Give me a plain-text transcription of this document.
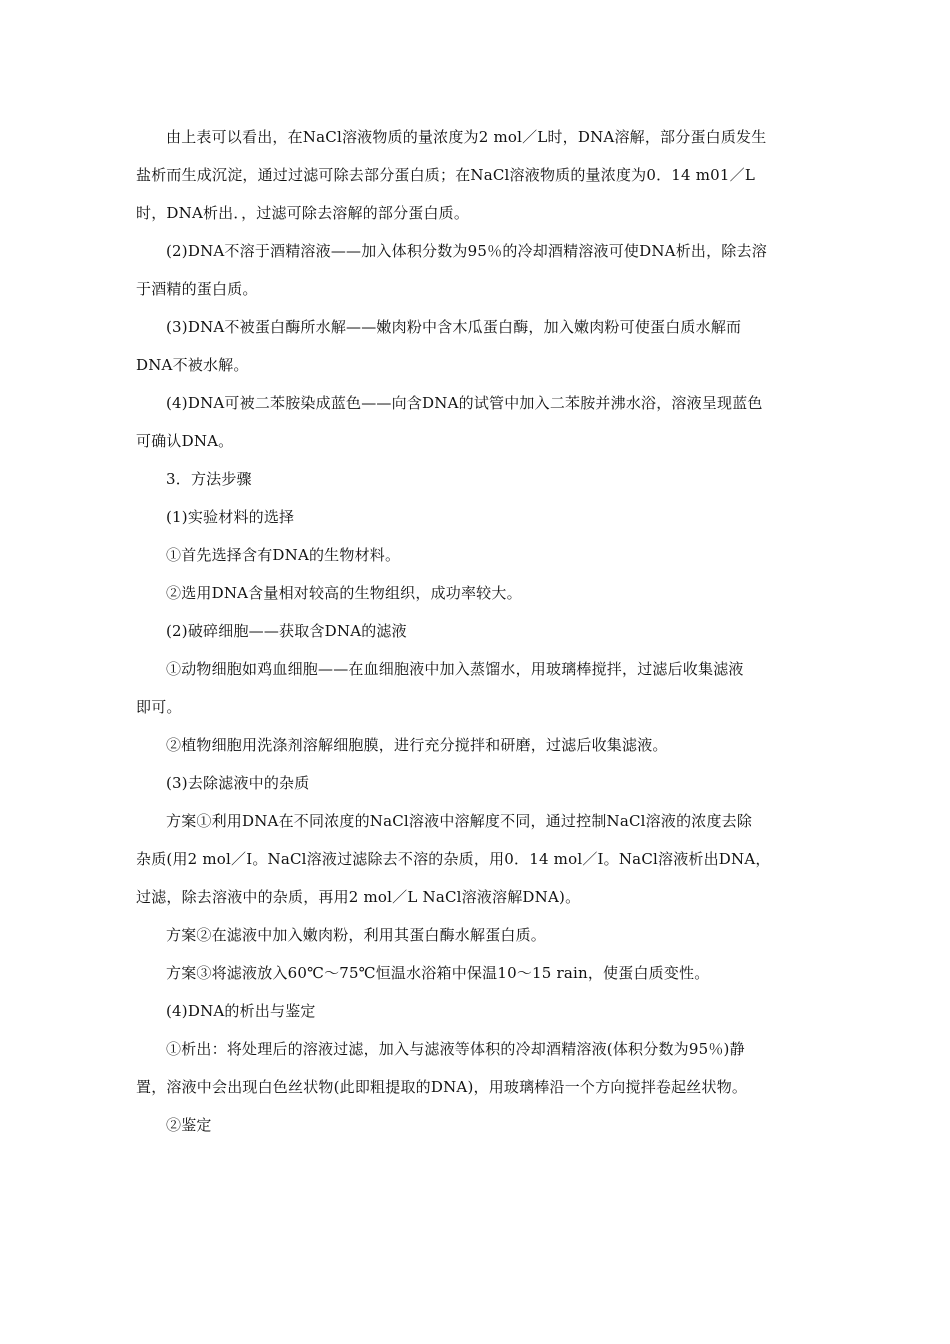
由上表可以看出，在NaCl溶液物质的量浓度为2 mol／L时，DNA溶解，部分蛋白质发生
盐析而生成沉淀，通过过滤可除去部分蛋白质；在NaCl溶液物质的量浓度为0．14 m01／L
时，DNA析出．，过滤可除去溶解的部分蛋白质。

(2)DNA不溶于酒精溶液——加入体积分数为95％的冷却酒精溶液可使DNA析出，除去溶
于酒精的蛋白质。

(3)DNA不被蛋白酶所水解——嫩肉粉中含木瓜蛋白酶，加入嫩肉粉可使蛋白质水解而
DNA不被水解。

(4)DNA可被二苯胺染成蓝色——向含DNA的试管中加入二苯胺并沸水浴，溶液呈现蓝色
可确认DNA。

3．方法步骤

(1)实验材料的选择

①首先选择含有DNA的生物材料。

②选用DNA含量相对较高的生物组织，成功率较大。

(2)破碎细胞——获取含DNA的滤液

①动物细胞如鸡血细胞——在血细胞液中加入蒸馏水，用玻璃棒搅拌，过滤后收集滤液
即可。

②植物细胞用洗涤剂溶解细胞膜，进行充分搅拌和研磨，过滤后收集滤液。

(3)去除滤液中的杂质

方案①利用DNA在不同浓度的NaCl溶液中溶解度不同，通过控制NaCl溶液的浓度去除
杂质(用2 mol／I。NaCl溶液过滤除去不溶的杂质，用0．14 mol／I。NaCl溶液析出DNA，
过滤，除去溶液中的杂质，再用2 mol／L NaCl溶液溶解DNA)。

方案②在滤液中加入嫩肉粉，利用其蛋白酶水解蛋白质。

方案③将滤液放入60℃～75℃恒温水浴箱中保温10～15 rain，使蛋白质变性。

(4)DNA的析出与鉴定

①析出：将处理后的溶液过滤，加入与滤液等体积的冷却酒精溶液(体积分数为95％)静
置，溶液中会出现白色丝状物(此即粗提取的DNA)，用玻璃棒沿一个方向搅拌卷起丝状物。

②鉴定
